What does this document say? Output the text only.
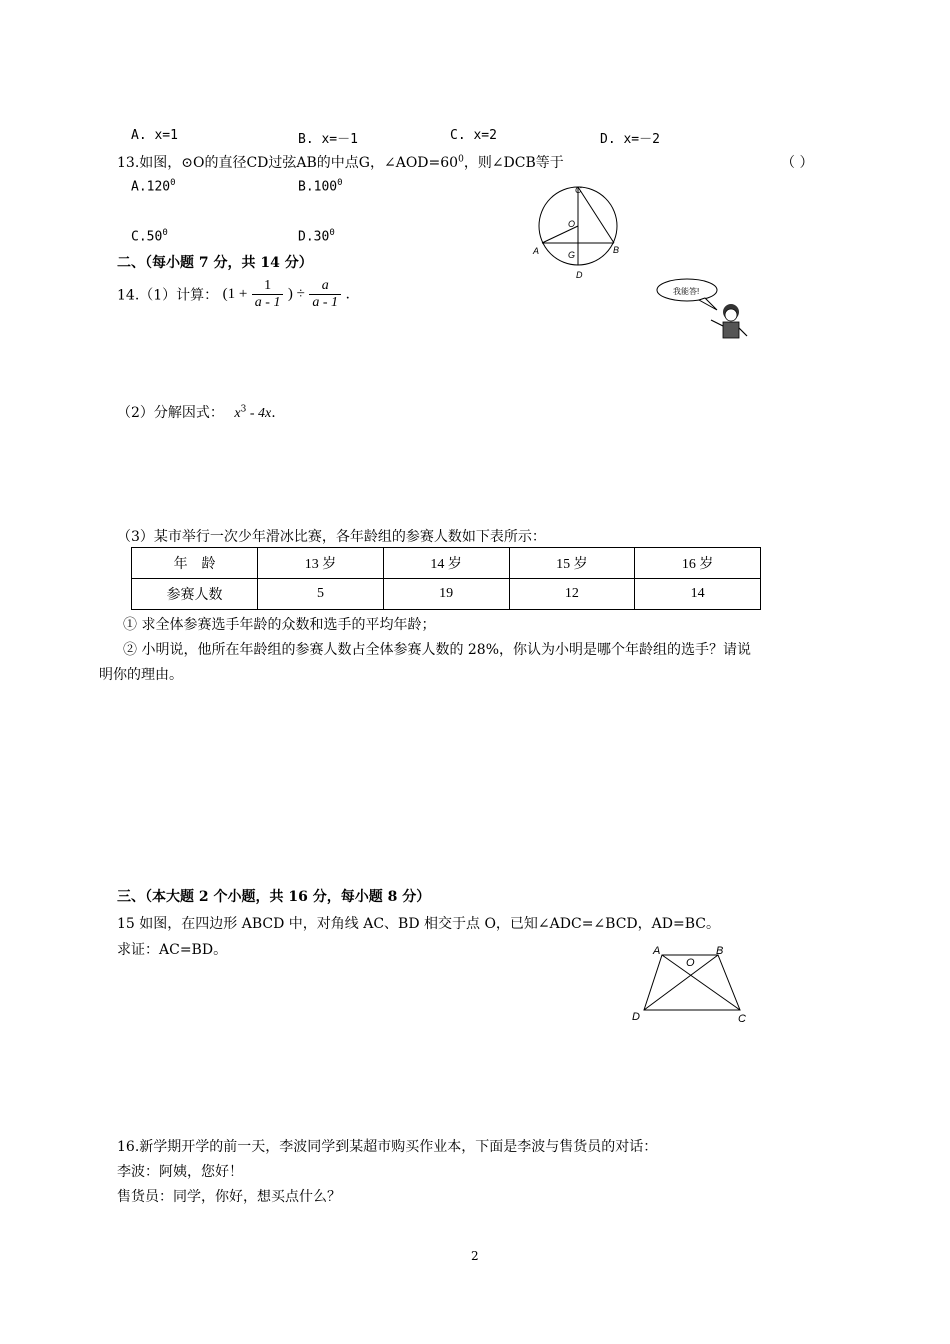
A. x=1	B. x=－1	C. x=2	D. x=－2
13.如图，⊙O的直径CD过弦AB的中点G，$\angle AOD=60^0$，则∠DCB等于	（ ）
A.120$^0$	B.100$^0$
$C.50^0$	$D.30^0$
C
O
A	G	B
D
二、（每小题 7 分，共 14 分）
我能答!
14.（1）计算： ($1 + \frac{1}{a - 1}$ ) ÷ $\frac{a}{a - 1}$ .
（2）分解因式： $x^3 - 4x$.
（3）某市举行一次少年滑冰比赛，各年龄组的参赛人数如下表所示：
年　龄	13 岁	14 岁	15 岁	16 岁
参赛人数	5	19	12	14
① 求全体参赛选手年龄的众数和选手的平均年龄；
② 小明说，他所在年龄组的参赛人数占全体参赛人数的 28%，你认为小明是哪个年龄组的选手？请说
明你的理由。
三、（本大题 2 个小题，共 16 分，每小题 8 分）
15 如图，在四边形 ABCD 中，对角线 AC、BD 相交于点 O，已知∠ADC=∠BCD，AD=BC。
求证：AC=BD。	A	B
O
D	C
16.新学期开学的前一天，李波同学到某超市购买作业本，下面是李波与售货员的对话：
李波：阿姨，您好！
售货员：同学，你好，想买点什么？
2
